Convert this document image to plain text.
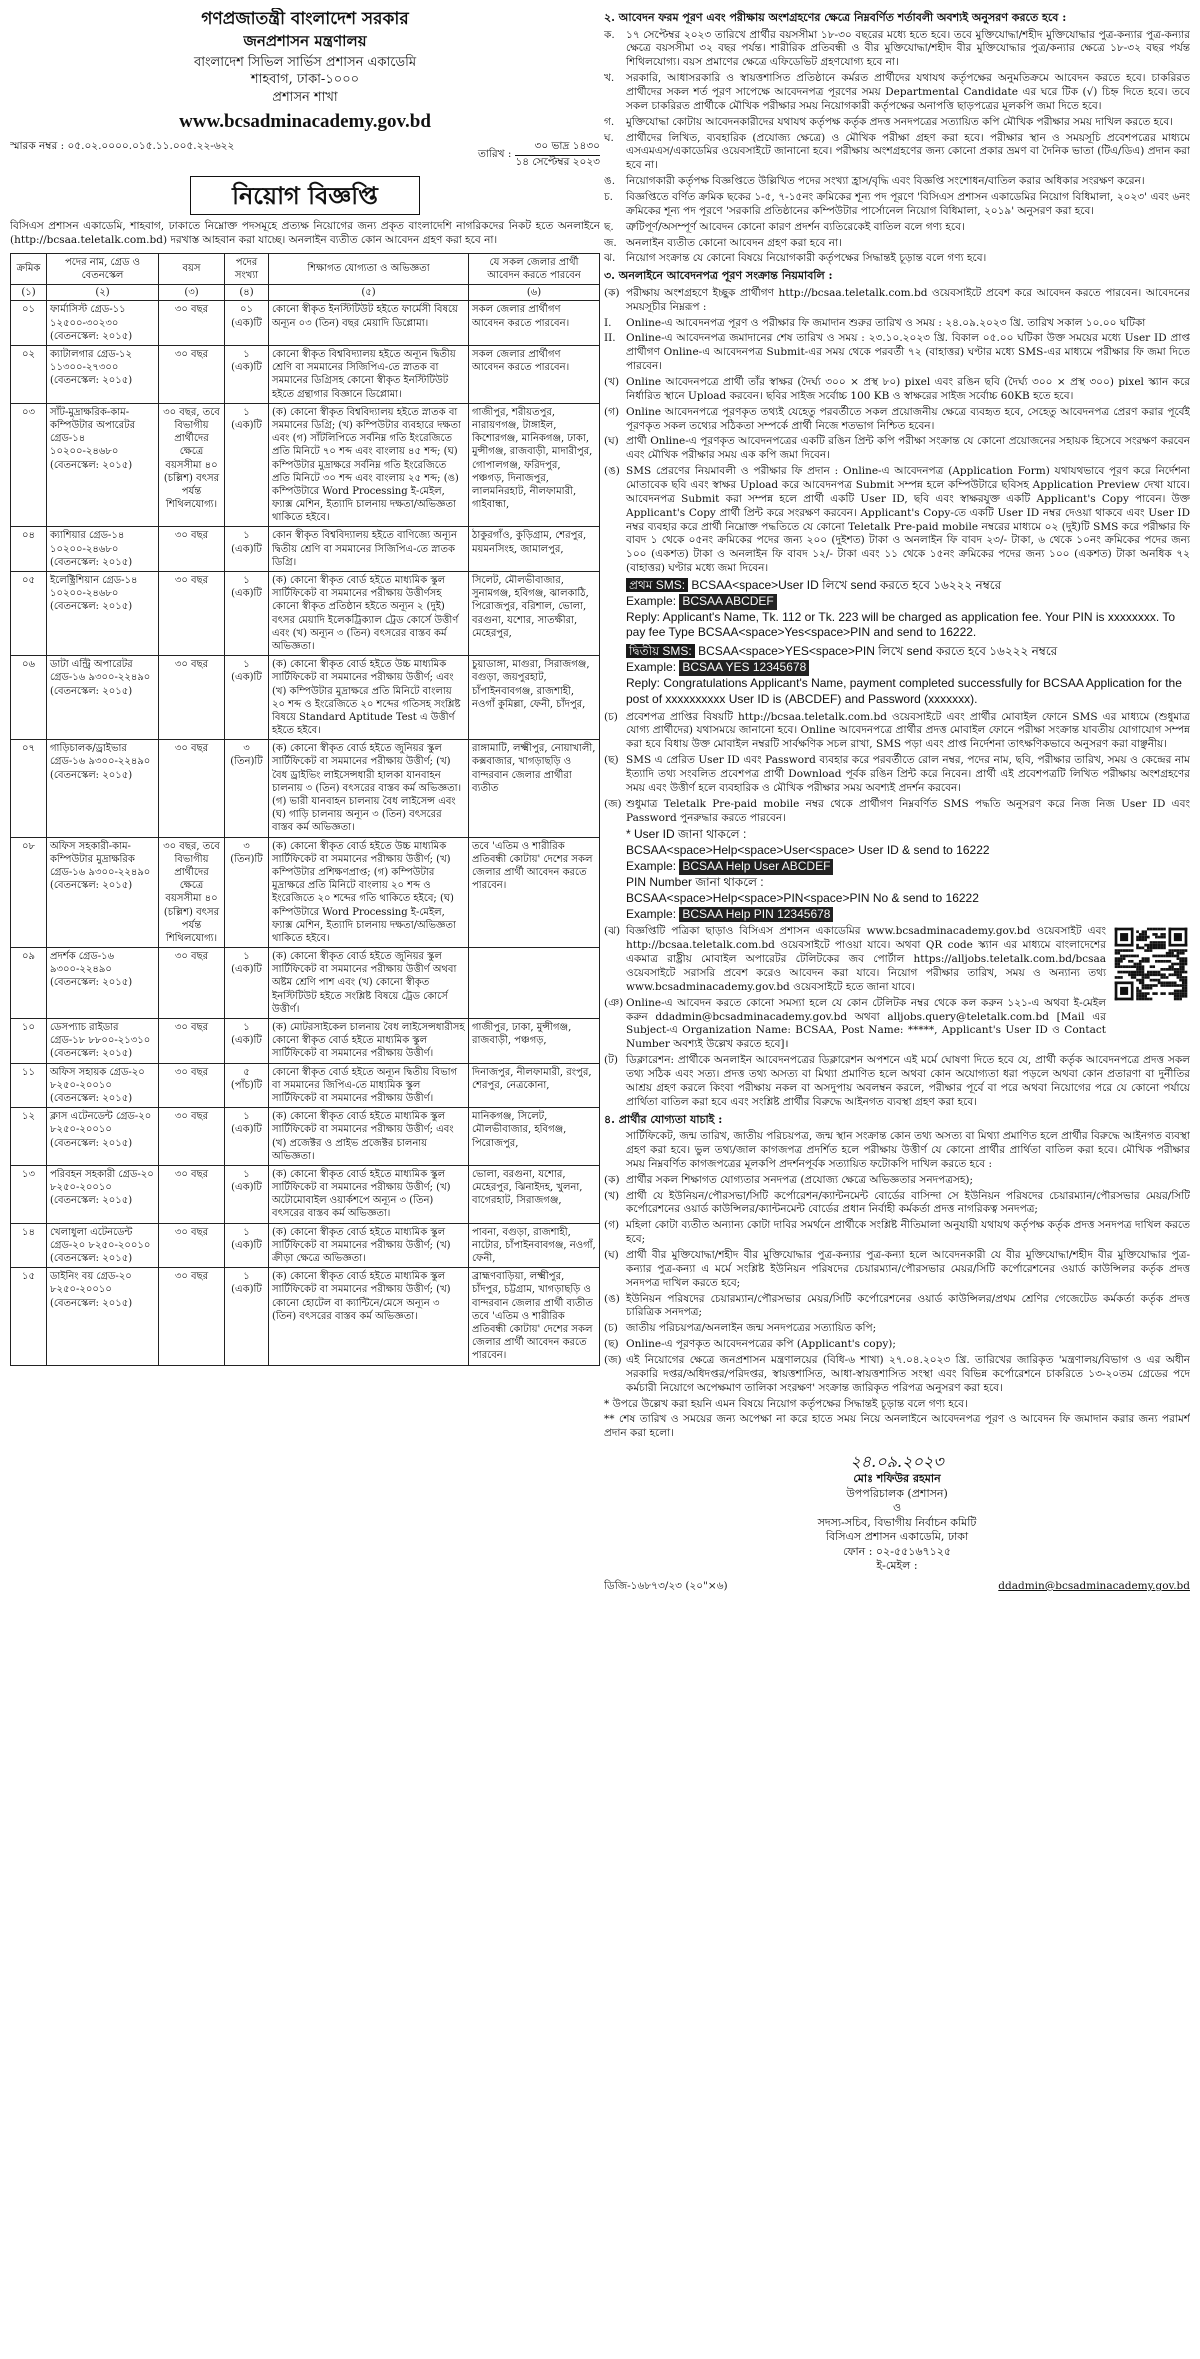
গণপ্রজাতন্ত্রী বাংলাদেশ সরকার
জনপ্রশাসন মন্ত্রণালয়
বাংলাদেশ সিভিল সার্ভিস প্রশাসন একাডেমি
শাহবাগ, ঢাকা-১০০০
প্রশাসন শাখা
www.bcsadminacademy.gov.bd
স্মারক নম্বর : ০৫.০২.০০০০.০১৫.১১.০০৫.২২-৬২২
তারিখ :
৩০ ভাদ্র ১৪৩০
১৪ সেপ্টেম্বর ২০২৩
নিয়োগ বিজ্ঞপ্তি
বিসিএস প্রশাসন একাডেমি, শাহবাগ, ঢাকাতে নিম্নোক্ত পদসমূহে প্রত্যক্ষ নিয়োগের জন্য প্রকৃত বাংলাদেশি নাগরিকদের নিকট হতে অনলাইনে (http://bcsaa.teletalk.com.bd) দরখাস্ত আহবান করা যাচ্ছে। অনলাইন ব্যতীত কোন আবেদন গ্রহণ করা হবে না।
ক্রমিক	পদের নাম, গ্রেড ও বেতনস্কেল	বয়স	পদের সংখ্যা	শিক্ষাগত যোগ্যতা ও অভিজ্ঞতা	যে সকল জেলার প্রার্থী আবেদন করতে পারবেন
(১)	(২)	(৩)	(৪)	(৫)	(৬)
০১	ফার্মাসিস্ট গ্রেড-১১ ১২৫০০-৩০২৩০ (বেতনস্কেল: ২০১৫)	৩০ বছর	০১ (এক)টি	কোনো স্বীকৃত ইনস্টিটিউট হইতে ফার্মেসী বিষয়ে অন্যূন ০৩ (তিন) বছর মেয়াদি ডিপ্লোমা।	সকল জেলার প্রার্থীগণ আবেদন করতে পারবেন।
০২	ক্যাটালগার গ্রেড-১২ ১১৩০০-২৭৩০০ (বেতনস্কেল: ২০১৫)	৩০ বছর	১ (এক)টি	কোনো স্বীকৃত বিশ্ববিদ্যালয় হইতে অন্যূন দ্বিতীয় শ্রেণি বা সমমানের সিজিপিএ-তে স্নাতক বা সমমানের ডিগ্রিসহ কোনো স্বীকৃত ইনস্টিটিউট হইতে গ্রন্থাগার বিজ্ঞানে ডিপ্লোমা।	সকল জেলার প্রার্থীগণ আবেদন করতে পারবেন।
০৩	সাঁট-মুদ্রাক্ষরিক-কাম-কম্পিউটার অপারেটর গ্রেড-১৪ ১০২০০-২৪৬৮০ (বেতনস্কেল: ২০১৫)	৩০ বছর, তবে বিভাগীয় প্রার্থীদের ক্ষেত্রে বয়সসীমা ৪০ (চল্লিশ) বৎসর পর্যন্ত শিথিলযোগ্য।	১ (এক)টি	(ক) কোনো স্বীকৃত বিশ্ববিদ্যালয় হইতে স্নাতক বা সমমানের ডিগ্রি; (খ) কম্পিউটার ব্যবহারে দক্ষতা এবং (গ) সাঁটলিপিতে সর্বনিম্ন গতি ইংরেজিতে প্রতি মিনিটে ৭০ শব্দ এবং বাংলায় ৪৫ শব্দ; (ঘ) কম্পিউটার মুদ্রাক্ষরে সর্বনিম্ন গতি ইংরেজিতে প্রতি মিনিটে ৩০ শব্দ এবং বাংলায় ২৫ শব্দ; (ঙ) কম্পিউটারে Word Processing ই-মেইল, ফ্যাক্স মেশিন, ইত্যাদি চালনায় দক্ষতা/অভিজ্ঞতা থাকিতে হইবে।	গাজীপুর, শরীয়তপুর, নারায়ণগঞ্জ, টাঙ্গাইল, কিশোরগঞ্জ, মানিকগঞ্জ, ঢাকা, মুন্সীগঞ্জ, রাজবাড়ী, মাদারীপুর, গোপালগঞ্জ, ফরিদপুর, পঞ্চগড়, দিনাজপুর, লালমনিরহাট, নীলফামারী, গাইবান্ধা,
০৪	ক্যাশিয়ার গ্রেড-১৪ ১০২০০-২৪৬৮০ (বেতনস্কেল: ২০১৫)	৩০ বছর	১ (এক)টি	কোন স্বীকৃত বিশ্ববিদ্যালয় হইতে বাণিজ্যে অন্যূন দ্বিতীয় শ্রেণি বা সমমানের সিজিপিএ-তে স্নাতক ডিগ্রি।	ঠাকুরগাঁও, কুড়িগ্রাম, শেরপুর, ময়মনসিংহ, জামালপুর,
০৫	ইলেক্ট্রিশিয়ান গ্রেড-১৪ ১০২০০-২৪৬৮০ (বেতনস্কেল: ২০১৫)	৩০ বছর	১ (এক)টি	(ক) কোনো স্বীকৃত বোর্ড হইতে মাধ্যমিক স্কুল সার্টিফিকেট বা সমমানের পরীক্ষায় উত্তীর্ণসহ কোনো স্বীকৃত প্রতিষ্ঠান হইতে অন্যূন ২ (দুই) বৎসর মেয়াদি ইলেকট্রিক্যাল ট্রেড কোর্সে উত্তীর্ণ এবং (খ) অন্যূন ৩ (তিন) বৎসরের বাস্তব কর্ম অভিজ্ঞতা।	সিলেট, মৌলভীবাজার, সুনামগঞ্জ, হবিগঞ্জ, ঝালকাঠি, পিরোজপুর, বরিশাল, ভোলা, বরগুনা, যশোর, সাতক্ষীরা, মেহেরপুর,
০৬	ডাটা এন্ট্রি অপারেটর গ্রেড-১৬ ৯৩০০-২২৪৯০ (বেতনস্কেল: ২০১৫)	৩০ বছর	১ (এক)টি	(ক) কোনো স্বীকৃত বোর্ড হইতে উচ্চ মাধ্যমিক সার্টিফিকেট বা সমমানের পরীক্ষায় উত্তীর্ণ; এবং (খ) কম্পিউটার মুদ্রাক্ষরে প্রতি মিনিটে বাংলায় ২০ শব্দ ও ইংরেজিতে ২০ শব্দের গতিসহ সংশ্লিষ্ট বিষয়ে Standard Aptitude Test এ উত্তীর্ণ হইতে হইবে।	চুয়াডাঙ্গা, মাগুরা, সিরাজগঞ্জ, বগুড়া, জয়পুরহাট, চাঁপাইনবাবগঞ্জ, রাজশাহী, নওগাঁ কুমিল্লা, ফেনী, চাঁদপুর,
০৭	গাড়িচালক/ড্রাইভার গ্রেড-১৬ ৯৩০০-২২৪৯০ (বেতনস্কেল: ২০১৫)	৩০ বছর	৩ (তিন)টি	(ক) কোনো স্বীকৃত বোর্ড হইতে জুনিয়র স্কুল সার্টিফিকেট বা সমমানের পরীক্ষায় উত্তীর্ণ; (খ) বৈধ ড্রাইভিং লাইসেন্সধারী হালকা যানবাহন চালনায় ৩ (তিন) বৎসরের বাস্তব কর্ম অভিজ্ঞতা। (গ) ভারী যানবাহন চালনায় বৈধ লাইসেন্স এবং (ঘ) গাড়ি চালনায় অন্যূন ৩ (তিন) বৎসরের বাস্তব কর্ম অভিজ্ঞতা।	রাঙ্গামাটি, লক্ষ্মীপুর, নোয়াখালী, কক্সবাজার, খাগড়াছড়ি ও বান্দরবান জেলার প্রার্থীরা ব্যতীত
০৮	অফিস সহকারী-কাম-কম্পিউটার মুদ্রাক্ষরিক গ্রেড-১৬ ৯৩০০-২২৪৯০ (বেতনস্কেল: ২০১৫)	৩০ বছর, তবে বিভাগীয় প্রার্থীদের ক্ষেত্রে বয়সসীমা ৪০ (চল্লিশ) বৎসর পর্যন্ত শিথিলযোগ্য।	৩ (তিন)টি	(ক) কোনো স্বীকৃত বোর্ড হইতে উচ্চ মাধ্যমিক সার্টিফিকেট বা সমমানের পরীক্ষায় উত্তীর্ণ; (খ) কম্পিউটার প্রশিক্ষণপ্রাপ্ত; (গ) কম্পিউটার মুদ্রাক্ষরে প্রতি মিনিটে বাংলায় ২০ শব্দ ও ইংরেজিতে ২০ শব্দের গতি থাকিতে হইবে; (ঘ) কম্পিউটারে Word Processing ই-মেইল, ফ্যাক্স মেশিন, ইত্যাদি চালনায় দক্ষতা/অভিজ্ঞতা থাকিতে হইবে।	তবে 'এতিম ও শারীরিক প্রতিবন্ধী কোটায়' দেশের সকল জেলার প্রার্থী আবেদন করতে পারবেন।
০৯	প্রদর্শক গ্রেড-১৬ ৯৩০০-২২৪৯০ (বেতনস্কেল: ২০১৫)	৩০ বছর	১ (এক)টি	(ক) কোনো স্বীকৃত বোর্ড হইতে জুনিয়র স্কুল সার্টিফিকেট বা সমমানের পরীক্ষায় উত্তীর্ণ অথবা অষ্টম শ্রেণি পাশ এবং (খ) কোনো স্বীকৃত ইনস্টিটিউট হইতে সংশ্লিষ্ট বিষয়ে ট্রেড কোর্সে উত্তীর্ণ।	
১০	ডেসপ্যাচ রাইডার গ্রেড-১৮ ৮৮০০-২১৩১০ (বেতনস্কেল: ২০১৫)	৩০ বছর	১ (এক)টি	(ক) মোটরসাইকেল চালনায় বৈধ লাইসেন্সধারীসহ কোনো স্বীকৃত বোর্ড হইতে মাধ্যমিক স্কুল সার্টিফিকেট বা সমমানের পরীক্ষায় উত্তীর্ণ।	গাজীপুর, ঢাকা, মুন্সীগঞ্জ, রাজবাড়ী, পঞ্চগড়,
১১	অফিস সহায়ক গ্রেড-২০ ৮২৫০-২০০১০ (বেতনস্কেল: ২০১৫)	৩০ বছর	৫ (পাঁচ)টি	কোনো স্বীকৃত বোর্ড হইতে অন্যূন দ্বিতীয় বিভাগ বা সমমানের জিপিএ-তে মাধ্যমিক স্কুল সার্টিফিকেট বা সমমানের পরীক্ষায় উত্তীর্ণ।	দিনাজপুর, নীলফামারী, রংপুর, শেরপুর, নেত্রকোনা,
১২	ক্লাস এটেনডেন্ট গ্রেড-২০ ৮২৫০-২০০১০ (বেতনস্কেল: ২০১৫)	৩০ বছর	১ (এক)টি	(ক) কোনো স্বীকৃত বোর্ড হইতে মাধ্যমিক স্কুল সার্টিফিকেট বা সমমানের পরীক্ষায় উত্তীর্ণ; এবং (খ) প্রজেক্টর ও প্রাইভ প্রজেক্টর চালনায় অভিজ্ঞতা।	মানিকগঞ্জ, সিলেট, মৌলভীবাজার, হবিগঞ্জ, পিরোজপুর,
১৩	পরিবহন সহকারী গ্রেড-২০ ৮২৫০-২০০১০ (বেতনস্কেল: ২০১৫)	৩০ বছর	১ (এক)টি	(ক) কোনো স্বীকৃত বোর্ড হইতে মাধ্যমিক স্কুল সার্টিফিকেট বা সমমানের পরীক্ষায় উত্তীর্ণ; (খ) অটোমোবাইল ওয়ার্কশপে অন্যূন ৩ (তিন) বৎসরের বাস্তব কর্ম অভিজ্ঞতা।	ভোলা, বরগুনা, যশোর, মেহেরপুর, ঝিনাইদহ, খুলনা, বাগেরহাট, সিরাজগঞ্জ,
১৪	খেলাধুলা এটেনডেন্ট গ্রেড-২০ ৮২৫০-২০০১০ (বেতনস্কেল: ২০১৫)	৩০ বছর	১ (এক)টি	(ক) কোনো স্বীকৃত বোর্ড হইতে মাধ্যমিক স্কুল সার্টিফিকেট বা সমমানের পরীক্ষায় উত্তীর্ণ; (খ) ক্রীড়া ক্ষেত্রে অভিজ্ঞতা।	পাবনা, বগুড়া, রাজশাহী, নাটোর, চাঁপাইনবাবগঞ্জ, নওগাঁ, ফেনী,
১৫	ডাইনিং বয় গ্রেড-২০ ৮২৫০-২০০১০ (বেতনস্কেল: ২০১৫)	৩০ বছর	১ (এক)টি	(ক) কোনো স্বীকৃত বোর্ড হইতে মাধ্যমিক স্কুল সার্টিফিকেট বা সমমানের পরীক্ষায় উত্তীর্ণ; (খ) কোনো হোটেল বা ক্যান্টিনে/মেসে অন্যূন ৩ (তিন) বৎসরের বাস্তব কর্ম অভিজ্ঞতা।	ব্রাহ্মণবাড়িয়া, লক্ষ্মীপুর, চাঁদপুর, চট্টগ্রাম, খাগড়াছড়ি ও বান্দরবান জেলার প্রার্থী ব্যতীত তবে 'এতিম ও শারীরিক প্রতিবন্ধী কোটায়' দেশের সকল জেলার প্রার্থী আবেদন করতে পারবেন।
২. আবেদন ফরম পূরণ এবং পরীক্ষায় অংশগ্রহণের ক্ষেত্রে নিম্নবর্ণিত শর্তাবলী অবশ্যই অনুসরণ করতে হবে :
ক.	১৭ সেপ্টেম্বর ২০২৩ তারিখে প্রার্থীর বয়সসীমা ১৮-৩০ বছরের মধ্যে হতে হবে। তবে মুক্তিযোদ্ধা/শহীদ মুক্তিযোদ্ধার পুত্র-কন্যার পুত্র-কন্যার ক্ষেত্রে বয়সসীমা ৩২ বছর পর্যন্ত। শারীরিক প্রতিবন্ধী ও বীর মুক্তিযোদ্ধা/শহীদ বীর মুক্তিযোদ্ধার পুত্র/কন্যার ক্ষেত্রে ১৮-৩২ বছর পর্যন্ত শিথিলযোগ্য। বয়স প্রমাণের ক্ষেত্রে এফিডেভিট গ্রহণযোগ্য হবে না।
খ.	সরকারি, আধাসরকারি ও স্বায়ত্তশাসিত প্রতিষ্ঠানে কর্মরত প্রার্থীদের যথাযথ কর্তৃপক্ষের অনুমতিক্রমে আবেদন করতে হবে। চাকরিরত প্রার্থীদের সকল শর্ত পূরণ সাপেক্ষে আবেদনপত্র পূরণের সময় Departmental Candidate এর ঘরে টিক (√) চিহ্ন দিতে হবে। তবে সকল চাকরিরত প্রার্থীকে মৌখিক পরীক্ষার সময় নিয়োগকারী কর্তৃপক্ষের অনাপত্তি ছাড়পত্রের মূলকপি জমা দিতে হবে।
গ.	মুক্তিযোদ্ধা কোটায় আবেদনকারীদের যথাযথ কর্তৃপক্ষ কর্তৃক প্রদত্ত সনদপত্রের সত্যায়িত কপি মৌখিক পরীক্ষার সময় দাখিল করতে হবে।
ঘ.	প্রার্থীদের লিখিত, ব্যবহারিক (প্রযোজ্য ক্ষেত্রে) ও মৌখিক পরীক্ষা গ্রহণ করা হবে। পরীক্ষার স্থান ও সময়সূচি প্রবেশপত্রের মাধ্যমে এসএমএস/একাডেমির ওয়েবসাইটে জানানো হবে। পরীক্ষায় অংশগ্রহণের জন্য কোনো প্রকার ভ্রমণ বা দৈনিক ভাতা (টিএ/ডিএ) প্রদান করা হবে না।
ঙ.	নিয়োগকারী কর্তৃপক্ষ বিজ্ঞপ্তিতে উল্লিখিত পদের সংখ্যা হ্রাস/বৃদ্ধি এবং বিজ্ঞপ্তি সংশোধন/বাতিল করার অধিকার সংরক্ষণ করেন।
চ.	বিজ্ঞপ্তিতে বর্ণিত ক্রমিক ছকের ১-৫, ৭-১৫নং ক্রমিকের শূন্য পদ পূরণে 'বিসিএস প্রশাসন একাডেমির নিয়োগ বিধিমালা, ২০২৩' এবং ৬নং ক্রমিকের শূন্য পদ পূরণে 'সরকারি প্রতিষ্ঠানের কম্পিউটার পার্সোনেল নিয়োগ বিধিমালা, ২০১৯' অনুসরণ করা হবে।
ছ.	ত্রুটিপূর্ণ/অসম্পূর্ণ আবেদন কোনো কারণ প্রদর্শন ব্যতিরেকেই বাতিল বলে গণ্য হবে।
জ. অনলাইন ব্যতীত কোনো আবেদন গ্রহণ করা হবে না।
ঝ.	নিয়োগ সংক্রান্ত যে কোনো বিষয়ে নিয়োগকারী কর্তৃপক্ষের সিদ্ধান্তই চূড়ান্ত বলে গণ্য হবে।
৩. অনলাইনে আবেদনপত্র পূরণ সংক্রান্ত নিয়মাবলি :
(ক) পরীক্ষায় অংশগ্রহণে ইচ্ছুক প্রার্থীগণ http://bcsaa.teletalk.com.bd ওয়েবসাইটে প্রবেশ করে আবেদন করতে পারবেন। আবেদনের সময়সূচীর নিম্নরূপ :
I.	Online-এ আবেদনপত্র পূরণ ও পরীক্ষার ফি জমাদান শুরুর তারিখ ও সময় : ২৪.০৯.২০২৩ খ্রি. তারিখ সকাল ১০.০০ ঘটিকা
II. Online-এ আবেদনপত্র জমাদানের শেষ তারিখ ও সময় : ২৩.১০.২০২৩ খ্রি. বিকাল ০৫.০০ ঘটিকা উক্ত সময়ের মধ্যে User ID প্রাপ্ত প্রার্থীগণ Online-এ আবেদনপত্র Submit-এর সময় থেকে পরবর্তী ৭২ (বাহাত্তর) ঘণ্টার মধ্যে SMS-এর মাধ্যমে পরীক্ষার ফি জমা দিতে পারবেন।
(খ) Online আবেদনপত্রে প্রার্থী তাঁর স্বাক্ষর (দৈর্ঘ্য ৩০০ × প্রস্থ ৮০) pixel এবং রঙিন ছবি (দৈর্ঘ্য ৩০০ × প্রস্থ ৩০০) pixel স্ক্যান করে নির্ধারিত স্থানে Upload করবেন। ছবির সাইজ সর্বোচ্চ 100 KB ও স্বাক্ষরের সাইজ সর্বোচ্চ 60KB হতে হবে।
(গ) Online আবেদনপত্রে পূরণকৃত তথ্যই যেহেতু পরবর্তীতে সকল প্রয়োজনীয় ক্ষেত্রে ব্যবহৃত হবে, সেহেতু আবেদনপত্র প্রেরণ করার পূর্বেই পূরণকৃত সকল তথ্যের সঠিকতা সম্পর্কে প্রার্থী নিজে শতভাগ নিশ্চিত হবেন।
(ঘ) প্রার্থী Online-এ পূরণকৃত আবেদনপত্রের একটি রঙিন প্রিন্ট কপি পরীক্ষা সংক্রান্ত যে কোনো প্রয়োজনের সহায়ক হিসেবে সংরক্ষণ করবেন এবং মৌখিক পরীক্ষার সময় এক কপি জমা দিবেন।
(ঙ) SMS প্রেরণের নিয়মাবলী ও পরীক্ষার ফি প্রদান : Online-এ আবেদনপত্র (Application Form) যথাযথভাবে পূরণ করে নির্দেশনা মোতাবেক ছবি এবং স্বাক্ষর Upload করে আবেদনপত্র Submit সম্পন্ন হলে কম্পিউটারে ছবিসহ Application Preview দেখা যাবে। আবেদনপত্র Submit করা সম্পন্ন হলে প্রার্থী একটি User ID, ছবি এবং স্বাক্ষরযুক্ত একটি Applicant's Copy পাবেন। উক্ত Applicant's Copy প্রার্থী প্রিন্ট করে সংরক্ষণ করবেন। Applicant's Copy-তে একটি User ID নম্বর দেওয়া থাকবে এবং User ID নম্বর ব্যবহার করে প্রার্থী নিম্নোক্ত পদ্ধতিতে যে কোনো Teletalk Pre-paid mobile নম্বরের মাধ্যমে ০২ (দুই)টি SMS করে পরীক্ষার ফি বাবদ ১ থেকে ০৫নং ক্রমিকের পদের জন্য ২০০ (দুইশত) টাকা ও অনলাইন ফি বাবদ ২৩/- টাকা, ৬ থেকে ১০নং ক্রমিকের পদের জন্য ১০০ (একশত) টাকা ও অনলাইন ফি বাবদ ১২/- টাকা এবং ১১ থেকে ১৫নং ক্রমিকের পদের জন্য ১০০ (একশত) টাকা অনধিক ৭২ (বাহাত্তর) ঘণ্টার মধ্যে জমা দিবেন।
প্রথম SMS: BCSAA<space>User ID লিখে send করতে হবে ১৬২২২ নম্বরে
Example: BCSAA ABCDEF
Reply: Applicant's Name, Tk. 112 or Tk. 223 will be charged as application fee. Your PIN is xxxxxxxx. To pay fee Type BCSAA<space>Yes<space>PIN and send to 16222.
দ্বিতীয় SMS: BCSAA<space>YES<space>PIN লিখে send করতে হবে ১৬২২২ নম্বরে
Example: BCSAA YES 12345678
Reply: Congratulations Applicant's Name, payment completed successfully for BCSAA Application for the post of xxxxxxxxxx User ID is (ABCDEF) and Password (xxxxxxx).
(চ) প্রবেশপত্র প্রাপ্তির বিষয়টি http://bcsaa.teletalk.com.bd ওয়েবসাইটে এবং প্রার্থীর মোবাইল ফোনে SMS এর মাধ্যমে (শুধুমাত্র যোগ্য প্রার্থীদের) যথাসময়ে জানানো হবে। Online আবেদনপত্রে প্রার্থীর প্রদত্ত মোবাইল ফোনে পরীক্ষা সংক্রান্ত যাবতীয় যোগাযোগ সম্পন্ন করা হবে বিধায় উক্ত মোবাইল নম্বরটি সার্বক্ষণিক সচল রাখা, SMS পড়া এবং প্রাপ্ত নির্দেশনা তাৎক্ষণিকভাবে অনুসরণ করা বাঞ্ছনীয়।
(ছ) SMS এ প্রেরিত User ID এবং Password ব্যবহার করে পরবর্তীতে রোল নম্বর, পদের নাম, ছবি, পরীক্ষার তারিখ, সময় ও কেন্দ্রের নাম ইত্যাদি তথ্য সংবলিত প্রবেশপত্র প্রার্থী Download পূর্বক রঙিন প্রিন্ট করে নিবেন। প্রার্থী এই প্রবেশপত্রটি লিখিত পরীক্ষায় অংশগ্রহণের সময় এবং উত্তীর্ণ হলে ব্যবহারিক ও মৌখিক পরীক্ষার সময় অবশ্যই প্রদর্শন করবেন।
(জ) শুধুমাত্র Teletalk Pre-paid mobile নম্বর থেকে প্রার্থীগণ নিম্নবর্ণিত SMS পদ্ধতি অনুসরণ করে নিজ নিজ User ID এবং Password পুনরুদ্ধার করতে পারবেন।
* User ID জানা থাকলে :
BCSAA<space>Help<space>User<space> User ID & send to 16222
Example: BCSAA Help User ABCDEF
PIN Number জানা থাকলে :
BCSAA<space>Help<space>PIN<space>PIN No & send to 16222
Example: BCSAA Help PIN 12345678
(ঝ) বিজ্ঞপ্তিটি পত্রিকা ছাড়াও বিসিএস প্রশাসন একাডেমির www.bcsadminacademy.gov.bd ওয়েবসাইট এবং http://bcsaa.teletalk.com.bd ওয়েবসাইটে পাওয়া যাবে। অথবা QR code স্ক্যান এর মাধ্যমে বাংলাদেশের একমাত্র রাষ্ট্রীয় মোবাইল অপারেটর টেলিটকের জব পোর্টাল https://alljobs.teletalk.com.bd/bcsaa ওয়েবসাইটে সরাসরি প্রবেশ করেও আবেদন করা যাবে। নিয়োগ পরীক্ষার তারিখ, সময় ও অন্যান্য তথ্য www.bcsadminacademy.gov.bd ওয়েবসাইটে হতে জানা যাবে।
(ঞ) Online-এ আবেদন করতে কোনো সমস্যা হলে যে কোন টেলিটক নম্বর থেকে কল করুন ১২১-এ অথবা ই-মেইল করুন ddadmin@bcsadminacademy.gov.bd অথবা alljobs.query@teletalk.com.bd [Mail এর Subject-এ Organization Name: BCSAA, Post Name: *****, Applicant's User ID ও Contact Number অবশ্যই উল্লেখ করতে হবে]।
(ট) ডিক্লারেশন: প্রার্থীকে অনলাইন আবেদনপত্রের ডিক্লারেশন অপশনে এই মর্মে ঘোষণা দিতে হবে যে, প্রার্থী কর্তৃক আবেদনপত্রে প্রদত্ত সকল তথ্য সঠিক এবং সত্য। প্রদত্ত তথ্য অসত্য বা মিথ্যা প্রমাণিত হলে অথবা কোন অযোগ্যতা ধরা পড়লে অথবা কোন প্রতারণা বা দুর্নীতির আশ্রয় গ্রহণ করলে কিংবা পরীক্ষায় নকল বা অসদুপায় অবলম্বন করলে, পরীক্ষার পূর্বে বা পরে অথবা নিয়োগের পরে যে কোনো পর্যায়ে প্রার্থিতা বাতিল করা হবে এবং সংশ্লিষ্ট প্রার্থীর বিরুদ্ধে আইনগত ব্যবস্থা গ্রহণ করা হবে।
৪. প্রার্থীর যোগ্যতা যাচাই :
সার্টিফিকেট, জন্ম তারিখ, জাতীয় পরিচয়পত্র, জন্ম স্থান সংক্রান্ত কোন তথ্য অসত্য বা মিথ্যা প্রমাণিত হলে প্রার্থীর বিরুদ্ধে আইনগত ব্যবস্থা গ্রহণ করা হবে। ভুল তথ্য/জাল কাগজপত্র প্রদর্শিত হলে পরীক্ষায় উত্তীর্ণ যে কোনো প্রার্থীর প্রার্থিতা বাতিল করা হবে। মৌখিক পরীক্ষার সময় নিম্নবর্ণিত কাগজপত্রের মূলকপি প্রদর্শনপূর্বক সত্যায়িত ফটোকপি দাখিল করতে হবে :
(ক) প্রার্থীর সকল শিক্ষাগত যোগ্যতার সনদপত্র (প্রযোজ্য ক্ষেত্রে অভিজ্ঞতার সনদপত্রসহ);
(খ) প্রার্থী যে ইউনিয়ন/পৌরসভা/সিটি কর্পোরেশন/ক্যান্টনমেন্ট বোর্ডের বাসিন্দা সে ইউনিয়ন পরিষদের চেয়ারম্যান/পৌরসভার মেয়র/সিটি কর্পোরেশনের ওয়ার্ড কাউন্সিলর/ক্যান্টনমেন্ট বোর্ডের প্রধান নির্বাহী কর্মকর্তা প্রদত্ত নাগরিকত্ব সনদপত্র;
(গ) মহিলা কোটা ব্যতীত অন্যান্য কোটা দাবির সমর্থনে প্রার্থীকে সংশ্লিষ্ট নীতিমালা অনুযায়ী যথাযথ কর্তৃপক্ষ কর্তৃক প্রদত্ত সনদপত্র দাখিল করতে হবে;
(ঘ) প্রার্থী বীর মুক্তিযোদ্ধা/শহীদ বীর মুক্তিযোদ্ধার পুত্র-কন্যার পুত্র-কন্যা হলে আবেদনকারী যে বীর মুক্তিযোদ্ধা/শহীদ বীর মুক্তিযোদ্ধার পুত্র-কন্যার পুত্র-কন্যা এ মর্মে সংশ্লিষ্ট ইউনিয়ন পরিষদের চেয়ারম্যান/পৌরসভার মেয়র/সিটি কর্পোরেশনের ওয়ার্ড কাউন্সিলর কর্তৃক প্রদত্ত সনদপত্র দাখিল করতে হবে;
(ঙ) ইউনিয়ন পরিষদের চেয়ারম্যান/পৌরসভার মেয়র/সিটি কর্পোরেশনের ওয়ার্ড কাউন্সিলর/প্রথম শ্রেণির গেজেটেড কর্মকর্তা কর্তৃক প্রদত্ত চারিত্রিক সনদপত্র;
(চ) জাতীয় পরিচয়পত্র/অনলাইন জন্ম সনদপত্রের সত্যায়িত কপি;
(ছ) Online-এ পূরণকৃত আবেদনপত্রের কপি (Applicant's copy);
(জ) এই নিয়োগের ক্ষেত্রে জনপ্রশাসন মন্ত্রণালয়ের (বিধি-৬ শাখা) ২৭.০৪.২০২৩ খ্রি. তারিখের জারিকৃত 'মন্ত্রণালয়/বিভাগ ও এর অধীন সরকারি দপ্তর/অধিদপ্তর/পরিদপ্তর, স্বায়ত্তশাসিত, আধা-স্বায়ত্তশাসিত সংস্থা এবং বিভিন্ন কর্পোরেশনে চাকরিতে ১৩-২০তম গ্রেডের পদে কর্মচারী নিয়োগে অপেক্ষমাণ তালিকা সংরক্ষণ' সংক্রান্ত জারিকৃত পরিপত্র অনুসরণ করা হবে।
* উপরে উল্লেখ করা হয়নি এমন বিষয়ে নিয়োগ কর্তৃপক্ষের সিদ্ধান্তই চূড়ান্ত বলে গণ্য হবে।
** শেষ তারিখ ও সময়ের জন্য অপেক্ষা না করে হাতে সময় নিয়ে অনলাইনে আবেদনপত্র পূরণ ও আবেদন ফি জমাদান করার জন্য পরামর্শ প্রদান করা হলো।
২৪.০৯.২০২৩
মোঃ শফিউর রহমান
উপপরিচালক (প্রশাসন)
ও
সদস্য-সচিব, বিভাগীয় নির্বাচন কমিটি
বিসিএস প্রশাসন একাডেমি, ঢাকা
ফোন : ০২-৫৫১৬৭১২৫
ই-মেইল :
ডিজি-১৬৮৭৩/২৩ (২০"×৬)	ddadmin@bcsadminacademy.gov.bd
